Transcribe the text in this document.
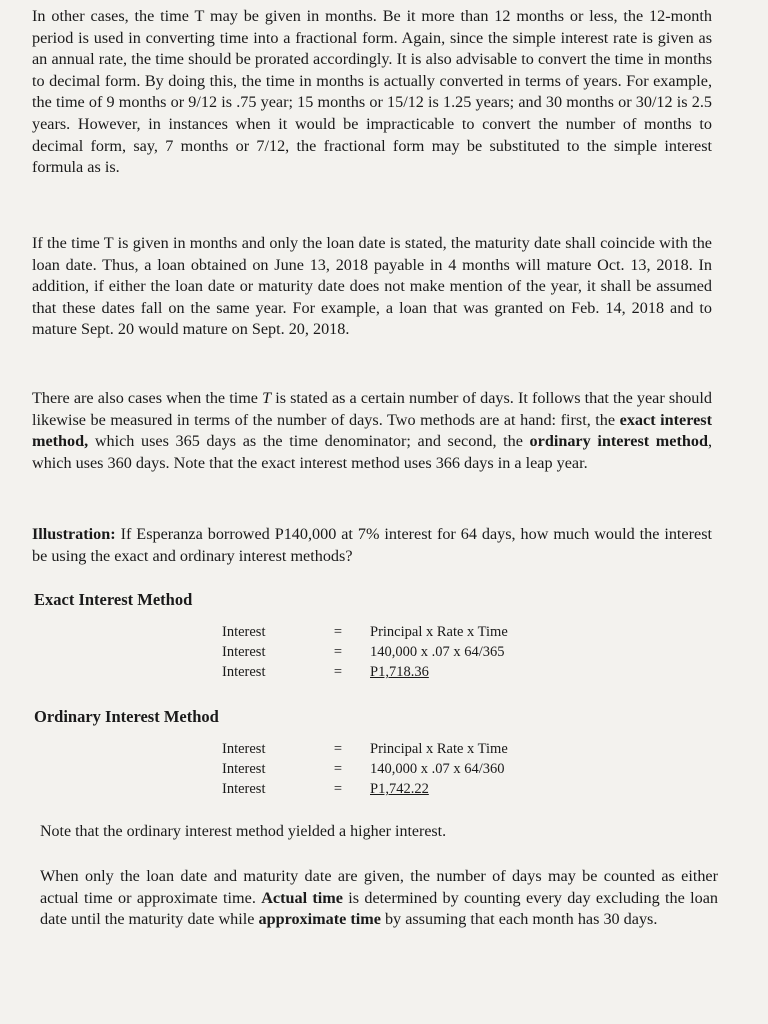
In other cases, the time T may be given in months. Be it more than 12 months or less, the 12-month period is used in converting time into a fractional form. Again, since the simple interest rate is given as an annual rate, the time should be prorated accordingly. It is also advisable to convert the time in months to decimal form. By doing this, the time in months is actually converted in terms of years. For example, the time of 9 months or 9/12 is .75 year; 15 months or 15/12 is 1.25 years; and 30 months or 30/12 is 2.5 years. However, in instances when it would be impracticable to convert the number of months to decimal form, say, 7 months or 7/12, the fractional form may be substituted to the simple interest formula as is.

If the time T is given in months and only the loan date is stated, the maturity date shall coincide with the loan date. Thus, a loan obtained on June 13, 2018 payable in 4 months will mature Oct. 13, 2018. In addition, if either the loan date or maturity date does not make mention of the year, it shall be assumed that these dates fall on the same year. For example, a loan that was granted on Feb. 14, 2018 and to mature Sept. 20 would mature on Sept. 20, 2018.

There are also cases when the time T is stated as a certain number of days. It follows that the year should likewise be measured in terms of the number of days. Two methods are at hand: first, the exact interest method, which uses 365 days as the time denominator; and second, the ordinary interest method, which uses 360 days. Note that the exact interest method uses 366 days in a leap year.

Illustration: If Esperanza borrowed P140,000 at 7% interest for 64 days, how much would the interest be using the exact and ordinary interest methods?

Exact Interest Method
Interest	=	Principal x Rate x Time
Interest	=	140,000 x .07 x 64/365
Interest	=	P1,718.36
Ordinary Interest Method
Interest	=	Principal x Rate x Time
Interest	=	140,000 x .07 x 64/360
Interest	=	P1,742.22

Note that the ordinary interest method yielded a higher interest.

When only the loan date and maturity date are given, the number of days may be counted as either actual time or approximate time. Actual time is determined by counting every day excluding the loan date until the maturity date while approximate time by assuming that each month has 30 days.
